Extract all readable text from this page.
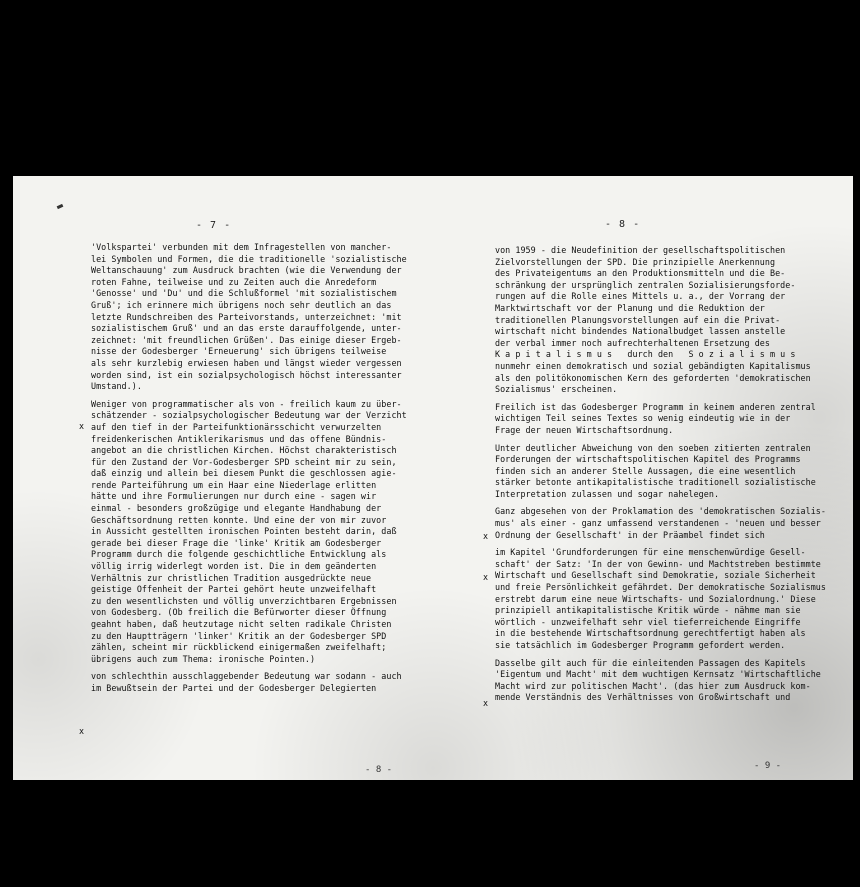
- 7 -
'Volkspartei' verbunden mit dem Infragestellen von mancher-
lei Symbolen und Formen, die die traditionelle 'sozialistische
Weltanschauung' zum Ausdruck brachten (wie die Verwendung der
roten Fahne, teilweise und zu Zeiten auch die Anredeform
'Genosse' und 'Du' und die Schlußformel 'mit sozialistischem
Gruß'; ich erinnere mich übrigens noch sehr deutlich an das
letzte Rundschreiben des Parteivorstands, unterzeichnet: 'mit
sozialistischem Gruß' und an das erste darauffolgende, unter-
zeichnet: 'mit freundlichen Grüßen'. Das einige dieser Ergeb-
nisse der Godesberger 'Erneuerung' sich übrigens teilweise
als sehr kurzlebig erwiesen haben und längst wieder vergessen
worden sind, ist ein sozialpsychologisch höchst interessanter
Umstand.).
Weniger von programmatischer als von - freilich kaum zu über-
schätzender - sozialpsychologischer Bedeutung war der Verzicht
auf den tief in der Parteifunktionärsschicht verwurzelten
freidenkerischen Antiklerikarismus und das offene Bündnis-
angebot an die christlichen Kirchen. Höchst charakteristisch
für den Zustand der Vor-Godesberger SPD scheint mir zu sein,
daß einzig und allein bei diesem Punkt die geschlossen agie-
rende Parteiführung um ein Haar eine Niederlage erlitten
hätte und ihre Formulierungen nur durch eine - sagen wir
einmal - besonders großzügige und elegante Handhabung der
Geschäftsordnung retten konnte. Und eine der von mir zuvor
in Aussicht gestellten ironischen Pointen besteht darin, daß
gerade bei dieser Frage die 'linke' Kritik am Godesberger
Programm durch die folgende geschichtliche Entwicklung als
völlig irrig widerlegt worden ist. Die in dem geänderten
Verhältnis zur christlichen Tradition ausgedrückte neue
geistige Offenheit der Partei gehört heute unzweifelhaft
zu den wesentlichsten und völlig unverzichtbaren Ergebnissen
von Godesberg. (Ob freilich die Befürworter dieser Öffnung
geahnt haben, daß heutzutage nicht selten radikale Christen
zu den Hauptträgern 'linker' Kritik an der Godesberger SPD
zählen, scheint mir rückblickend einigermaßen zweifelhaft;
übrigens auch zum Thema: ironische Pointen.)
von schlechthin ausschlaggebender Bedeutung war sodann - auch
im Bewußtsein der Partei und der Godesberger Delegierten
x
x
- 8 -
- 8 -
von 1959 - die Neudefinition der gesellschaftspolitischen
Zielvorstellungen der SPD. Die prinzipielle Anerkennung
des Privateigentums an den Produktionsmitteln und die Be-
schränkung der ursprünglich zentralen Sozialisierungsforde-
rungen auf die Rolle eines Mittels u. a., der Vorrang der
Marktwirtschaft vor der Planung und die Reduktion der
traditionellen Planungsvorstellungen auf ein die Privat-
wirtschaft nicht bindendes Nationalbudget lassen anstelle
der verbal immer noch aufrechterhaltenen Ersetzung des
K a p i t a l i s m u s   durch den   S o z i a l i s m u s
nunmehr einen demokratisch und sozial gebändigten Kapitalismus
als den politökonomischen Kern des geforderten 'demokratischen
Sozialismus' erscheinen.
Freilich ist das Godesberger Programm in keinem anderen zentral
wichtigen Teil seines Textes so wenig eindeutig wie in der
Frage der neuen Wirtschaftsordnung.
Unter deutlicher Abweichung von den soeben zitierten zentralen
Forderungen der wirtschaftspolitischen Kapitel des Programms
finden sich an anderer Stelle Aussagen, die eine wesentlich
stärker betonte antikapitalistische traditionell sozialistische
Interpretation zulassen und sogar nahelegen.
Ganz abgesehen von der Proklamation des 'demokratischen Sozialis-
mus' als einer - ganz umfassend verstandenen - 'neuen und besser
Ordnung der Gesellschaft' in der Präambel findet sich
im Kapitel 'Grundforderungen für eine menschenwürdige Gesell-
schaft' der Satz: 'In der von Gewinn- und Machtstreben bestimmte
Wirtschaft und Gesellschaft sind Demokratie, soziale Sicherheit
und freie Persönlichkeit gefährdet. Der demokratische Sozialismus
erstrebt darum eine neue Wirtschafts- und Sozialordnung.' Diese
prinzipiell antikapitalistische Kritik würde - nähme man sie
wörtlich - unzweifelhaft sehr viel tieferreichende Eingriffe
in die bestehende Wirtschaftsordnung gerechtfertigt haben als
sie tatsächlich im Godesberger Programm gefordert werden.
Dasselbe gilt auch für die einleitenden Passagen des Kapitels
'Eigentum und Macht' mit dem wuchtigen Kernsatz 'Wirtschaftliche
Macht wird zur politischen Macht'. (das hier zum Ausdruck kom-
mende Verständnis des Verhältnisses von Großwirtschaft und
x
x
x
- 9 -
